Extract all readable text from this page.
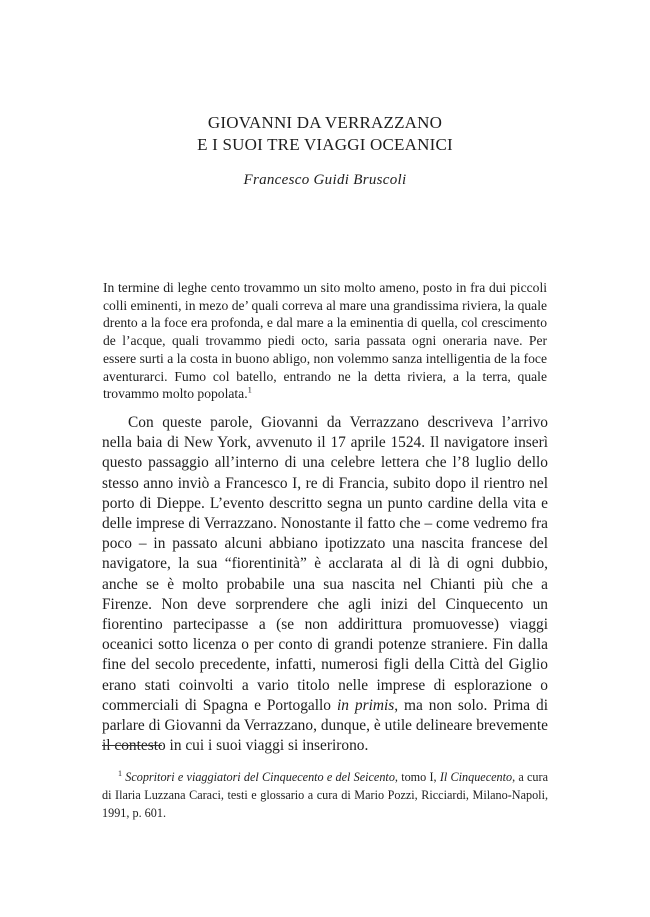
GIOVANNI DA VERRAZZANO
E I SUOI TRE VIAGGI OCEANICI
Francesco Guidi Bruscoli

In termine di leghe cento trovammo un sito molto ameno, posto in fra dui piccoli colli eminenti, in mezo de’ quali correva al mare una grandissima riviera, la quale drento a la foce era profonda, e dal mare a la eminentia di quella, col crescimento de l’acque, quali trovammo piedi octo, saria passata ogni oneraria nave. Per essere surti a la costa in buono abligo, non volemmo sanza intelligentia de la foce aventurarci. Fumo col batello, entrando ne la detta riviera, a la terra, quale trovammo molto popolata.$^1$

Con queste parole, Giovanni da Verrazzano descriveva l’arrivo nella baia di New York, avvenuto il 17 aprile 1524. Il navigatore inserì questo passaggio all’interno di una celebre lettera che l’8 luglio dello stesso anno inviò a Francesco I, re di Francia, subito dopo il rientro nel porto di Dieppe. L’evento descritto segna un punto cardine della vita e delle imprese di Verrazzano. Nonostante il fatto che – come vedremo fra poco – in passato alcuni abbiano ipotizzato una nascita francese del navigatore, la sua “fiorentinità” è acclarata al di là di ogni dubbio, anche se è molto probabile una sua nascita nel Chianti più che a Firenze. Non deve sorprendere che agli inizi del Cinquecento un fiorentino partecipasse a (se non addirittura promuovesse) viaggi oceanici sotto licenza o per conto di grandi potenze straniere. Fin dalla fine del secolo precedente, infatti, numerosi figli della Città del Giglio erano stati coinvolti a vario titolo nelle imprese di esplorazione o commerciali di Spagna e Portogallo in primis, ma non solo. Prima di parlare di Giovanni da Verrazzano, dunque, è utile delineare brevemente il contesto in cui i suoi viaggi si inserirono.

$^1$ Scopritori e viaggiatori del Cinquecento e del Seicento, tomo I, Il Cinquecento, a cura di Ilaria Luzzana Caraci, testi e glossario a cura di Mario Pozzi, Ricciardi, Milano-Napoli, 1991, p. 601.
